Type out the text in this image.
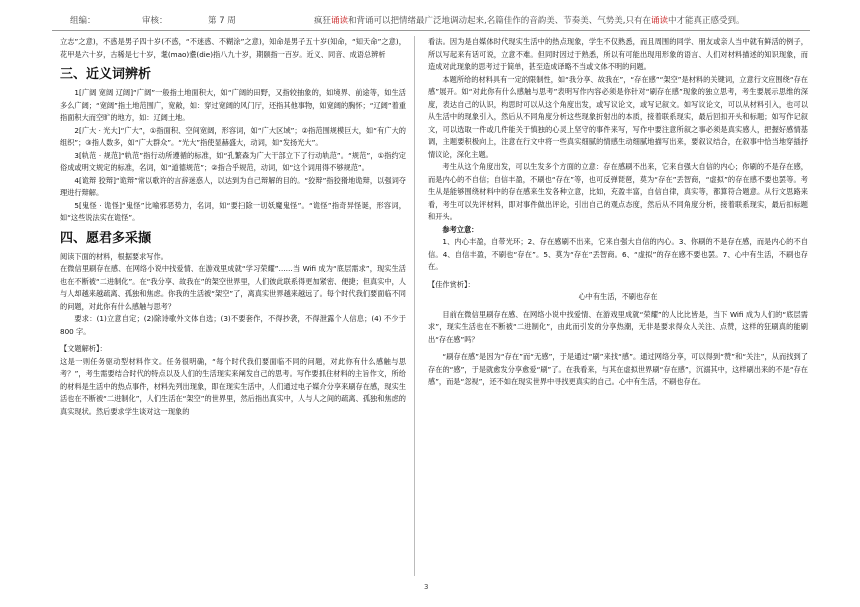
组编：	审核：	第 7 周	疯狂诵读和背诵可以把情绪最广泛地调动起来,名篇佳作的音韵美、节奏美、气势美,只有在诵读中才能真正感受到。

立志”之意)，不惑是男子四十岁(不惑，“不迷惑、不糊涂”之意)，知命是男子五十岁(知命，“知天命”之意)，花甲是六十岁，古稀是七十岁，耄(mao)耋(die)指八九十岁，期颐指一百岁。近义、同音、成语总辨析

三、近义词辨析

1[广阔 宽阔 辽阔]“广阔”一般指土地面积大，如“广阔的田野，又指较抽象的，如境界、前途等，如生活多么广阔；“宽阔”指土地范围广，宽敞，如：穿过宽阔的风门厅，还指其他事物，如宽阔的胸怀；“辽阔”着重指面积大而空旷的地方，如：辽阔土地。

2[广大 · 光大]“广大”，①指面积、空间宽阔，形容词，如“广大区域”；②指范围规模巨大，如“有广大的组织”；③指人数多，如“广大群众”。“光大”指使显赫盛大，动词，如“发扬光大”。

3[轨范 · 规范]“轨范”指行动所遵循的标准，如“孔繁森为广大干部立下了行动轨范”。“规范”，①指约定俗成或明文规定的标准，名词，如“道德规范”；②指合乎规范，动词，如“这个词用得不够规范”。

4[诡辩 狡辩]“诡辩”常以歌许的言辞迷惑人，以达到为自己辩解的目的。“狡辩”指狡猾地诡辩，以强词夺理进行辩解。

5[鬼怪 · 诡怪]“鬼怪”比喻邪恶势力，名词，如“要扫除一切妖魔鬼怪”。“诡怪”指奇异怪诞，形容词，如“这些说法实在诡怪”。

四、愿君多采撷

阅读下面的材料，根据要求写作。

在微信里刷存在感、在网络小说中找爱情、在游戏里成就“学习荣耀”……当 Wifi 成为“底层需求”，现实生活也在不断被“二进制化”。在“我分享、故我在”的架空世界里，人们彼此联系得更加紧密、便捷；但真实中，人与人却越来越疏离、孤独和焦虑。你我的生活被“架空”了，离真实世界越来越远了。每个时代我们要面临不同的问题，对此你有什么感触与思考？

要求：(1)立意自定；(2)除诗歌外文体自选；(3)不要套作，不得抄袭，不得泄露个人信息；(4) 不少于 800 字。

【文题解析】：

这是一则任务驱动型材料作文。任务很明确，“每个时代我们要面临不同的问题，对此你有什么感触与思考？”，考生需要结合时代的特点以及人们的生活现实来阐发自己的思考。写作要抓住材料的主旨作文，所给的材料是生活中的热点事件，材料先列出现象，即在现实生活中，人们通过电子媒介分享来刷存在感，现实生活也在不断被“二进制化”，人们生活在“架空”的世界里，然后指出真实中，人与人之间的疏离、孤独和焦虑的真实现状。然后要求学生谈对这一现象的

看法。因为是自媒体时代现实生活中的热点现象，学生不仅熟悉，而且周围的同学、朋友或亲人当中就有鲜活的例子，所以写起来有话可说，立意不难。但同时因过于熟悉，所以有可能出现用形象的语言、人们对材料描述的知识现象，而造成对此现象的思考过于简单，甚至造成译略不当或文体不明的问题。

本题所给的材料具有一定的限制性，如“我分享、故我在”，“存在感”“架空”是材料的关键词，立意行文应围绕“存在感”展开。如“对此你有什么感触与思考”表明写作内容必须是你针对“刷存在感”现象的独立思考，考生要展示思维的深度，表达自己的认识，构思时可以从这个角度出发，或写议论文，或写记叙文。如写议论文，可以从材料引入，也可以从生活中的现象引入，然后从不同角度分析这些现象折射出的本质，接着联系现实，最后回扣开头和标题；如写作记叙文，可以选取一件或几件能关于慎独的心灵上坚守的事件来写，写作中要注意所叙之事必须是真实感人，把握好感情基调，主题要积极向上，注意在行文中将一些真实细腻的情感生动细腻地描写出来，要叙议结合，在叙事中恰当地穿插抒情议论，深化主题。

考生从这个角度出发，可以生发多个方面的立意：存在感刷不出来，它来自强大自信的内心；你刷的不是存在感，而是内心的不自信；自信丰盈，不刷也“存在”等，也可反弹琵琶，莫为“存在”丢智商，“虚拟”的存在感不要也罢等。考生从是能够围绕材料中的存在感来生发各种立意，比如，充盈丰富，自信自律，真实等，都算符合题意。从行文思路来看，考生可以先评材料，即对事件做出评论，引出自己的观点态度，然后从不同角度分析，接着联系现实，最后扣标题和开头。

参考立意：

1、内心丰盈，自带光环；2、存在感刷不出来，它来自强大自信的内心。3、你刷的不是存在感，而是内心的不自信。4、自信丰盈，不刷也“存在”。5、莫为“存在”丢智商。6、“虚拟”的存在感不要也罢。7、心中有生活，不刷也存在。

【佳作赏析】：

心中有生活，不刷也存在

目前在微信里刷存在感、在网络小说中找爱情、在游戏里成就“荣耀”的人比比皆是，当下 Wifi 成为人们的“底层需求”，现实生活也在不断被“二进制化”，由此而引发的分享热潮，无非是要求得众人关注、点赞，这样的狂刷真的能刷出“存在感”吗？

“刷存在感”是因为“存在”而“无感”，于是通过“刷”来找“感”。通过网络分享，可以得到“赞”和“关注”，从而找到了存在的“感”，于是就愈发分享愈爱“刷”了。在我看来，与其在虚拟世界刷“存在感”，沉溺其中，这样刷出来的不是“存在感”，而是“忽视”，还不如在现实世界中寻找更真实的自己。心中有生活，不刷也存在。

3
